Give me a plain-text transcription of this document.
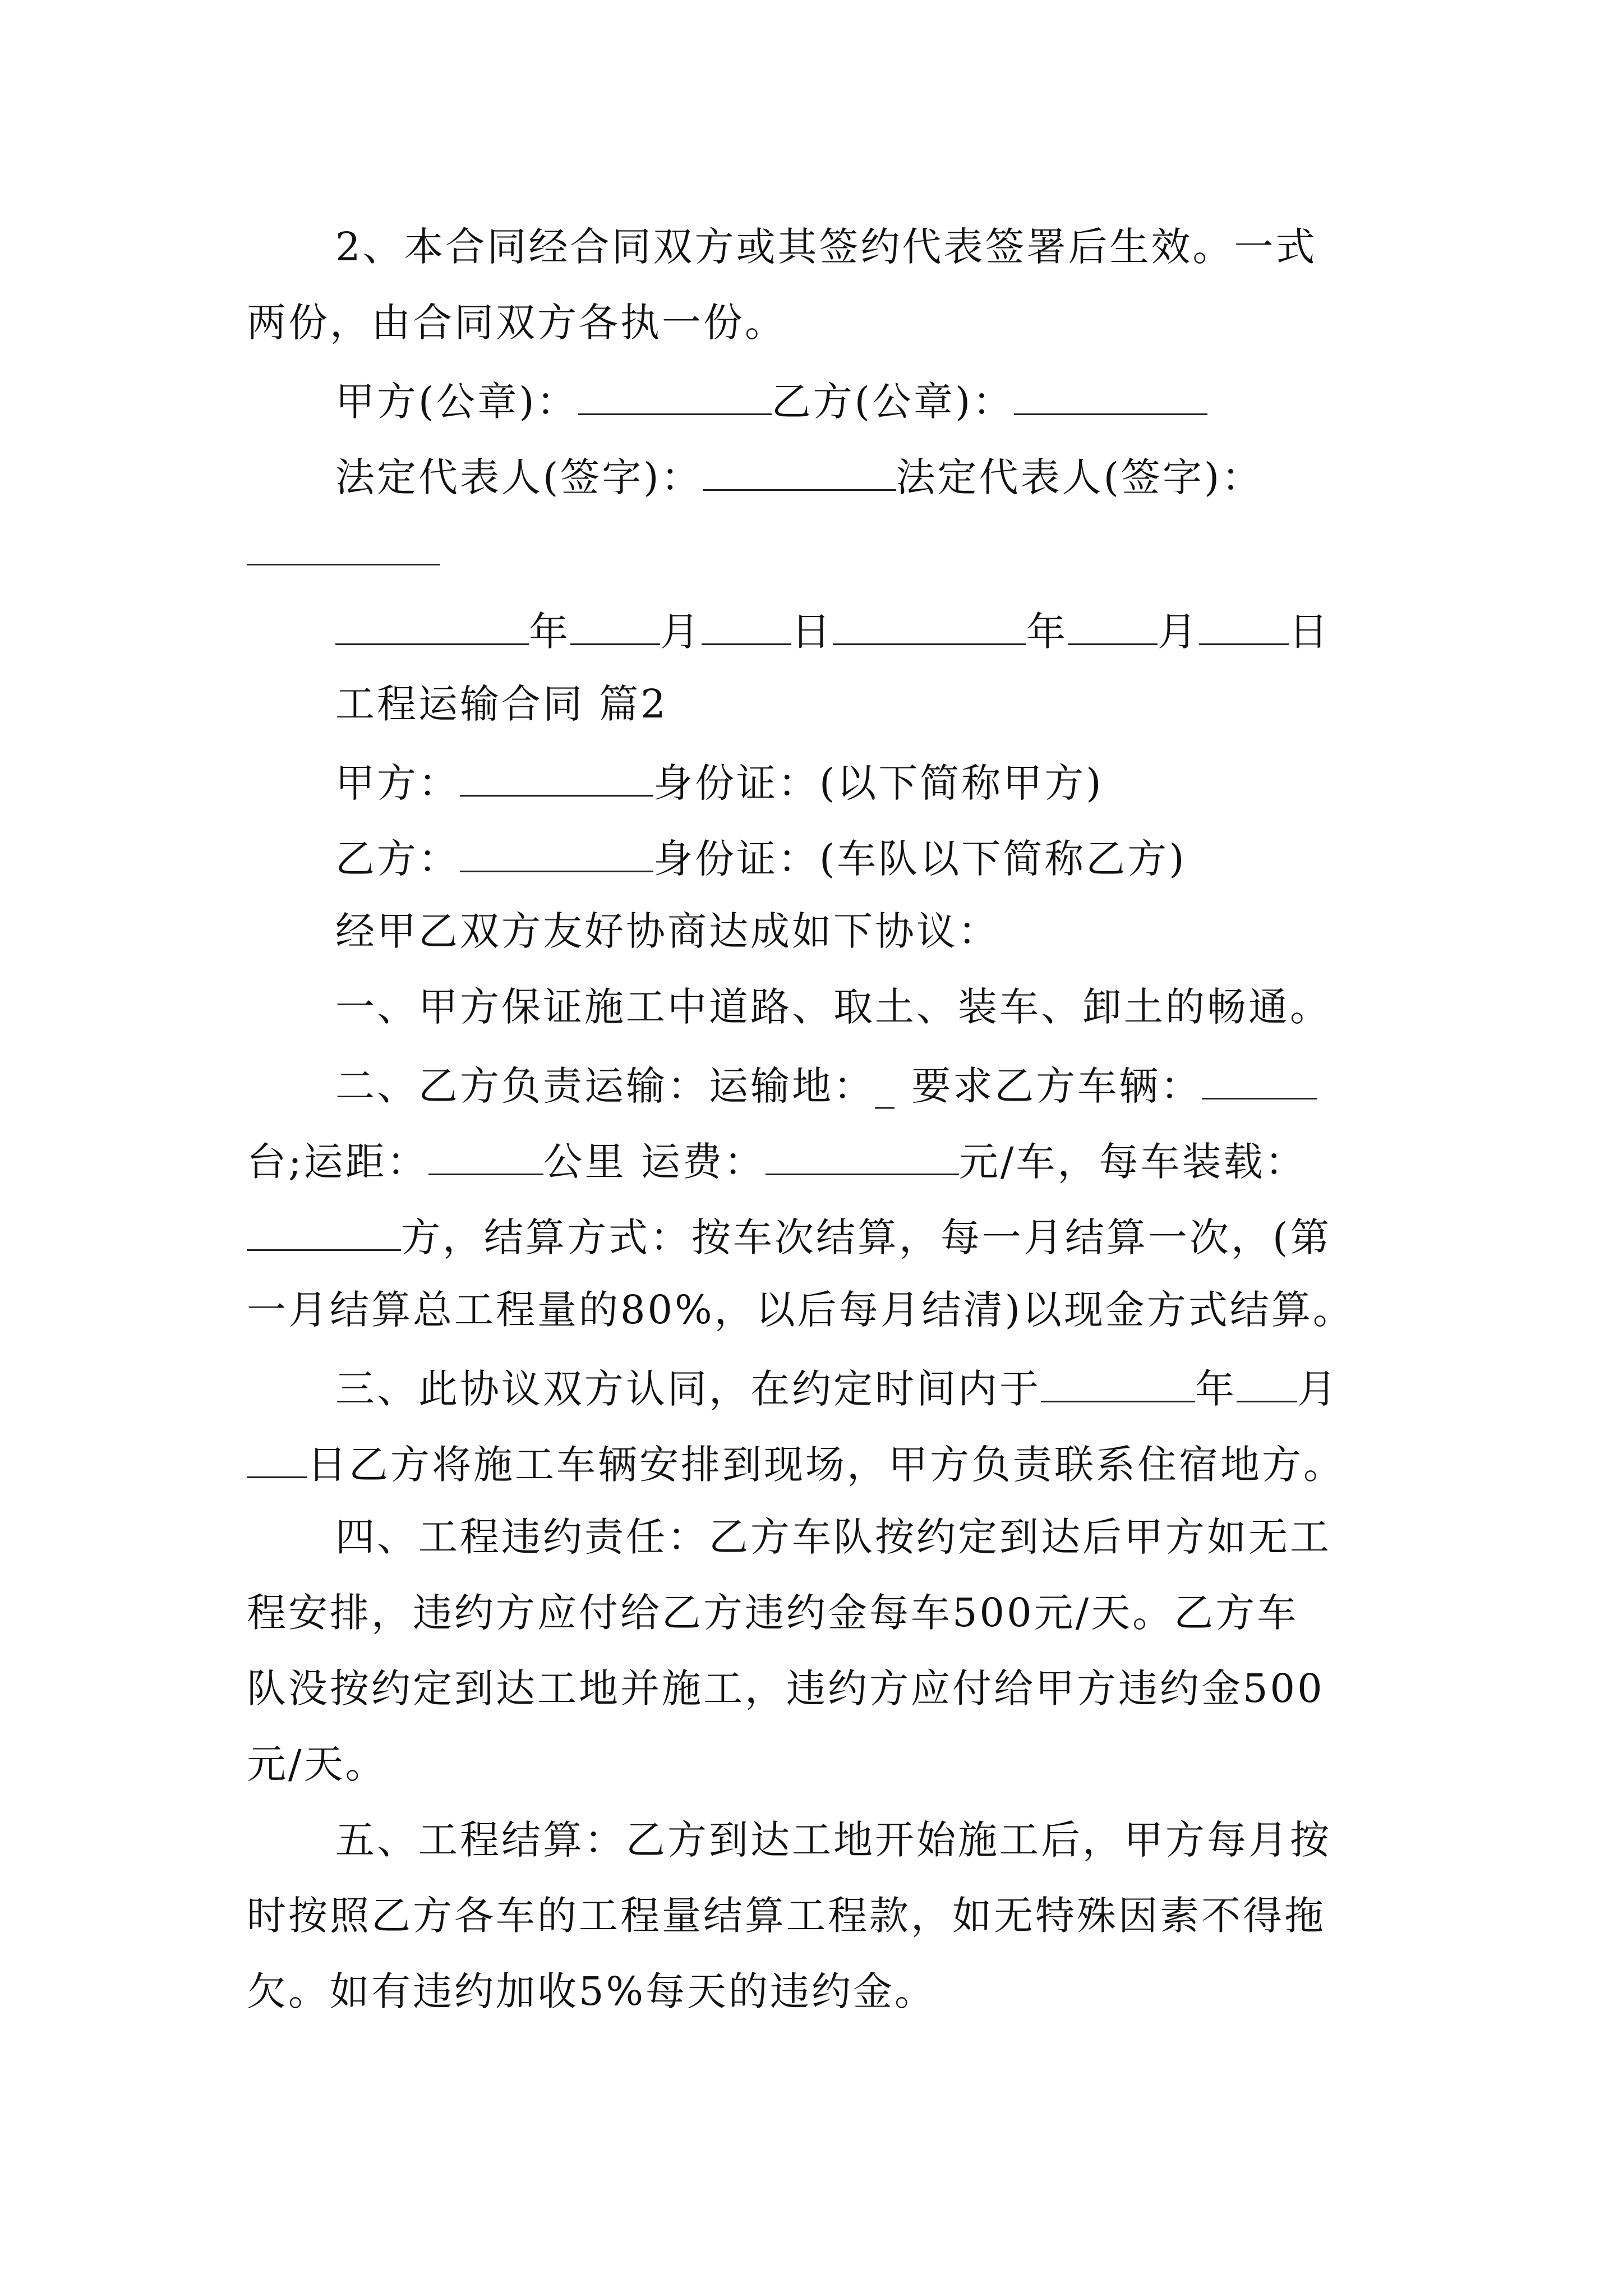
2、本合同经合同双方或其签约代表签署后生效。一式
两份，由合同双方各执一份。
甲方(公章)：	乙方(公章)：
法定代表人(签字)：	法定代表人(签字)：
年 月 日	年 月 日
工程运输合同 篇2
甲方：	身份证：(以下简称甲方)
乙方：	身份证：(车队以下简称乙方)
经甲乙双方友好协商达成如下协议：
一、甲方保证施工中道路、取土、装车、卸土的畅通。
二、乙方负责运输：运输地：_ 要求乙方车辆：
台;运距：	公里 运费：	元/车，每车装载：
方，结算方式：按车次结算，每一月结算一次，(第
一月结算总工程量的80%，以后每月结清)以现金方式结算。
三、此协议双方认同，在约定时间内于	年 月
日乙方将施工车辆安排到现场，甲方负责联系住宿地方。
四、工程违约责任：乙方车队按约定到达后甲方如无工
程安排，违约方应付给乙方违约金每车500元/天。乙方车
队没按约定到达工地并施工，违约方应付给甲方违约金500
元/天。
五、工程结算：乙方到达工地开始施工后，甲方每月按
时按照乙方各车的工程量结算工程款，如无特殊因素不得拖
欠。如有违约加收5%每天的违约金。
